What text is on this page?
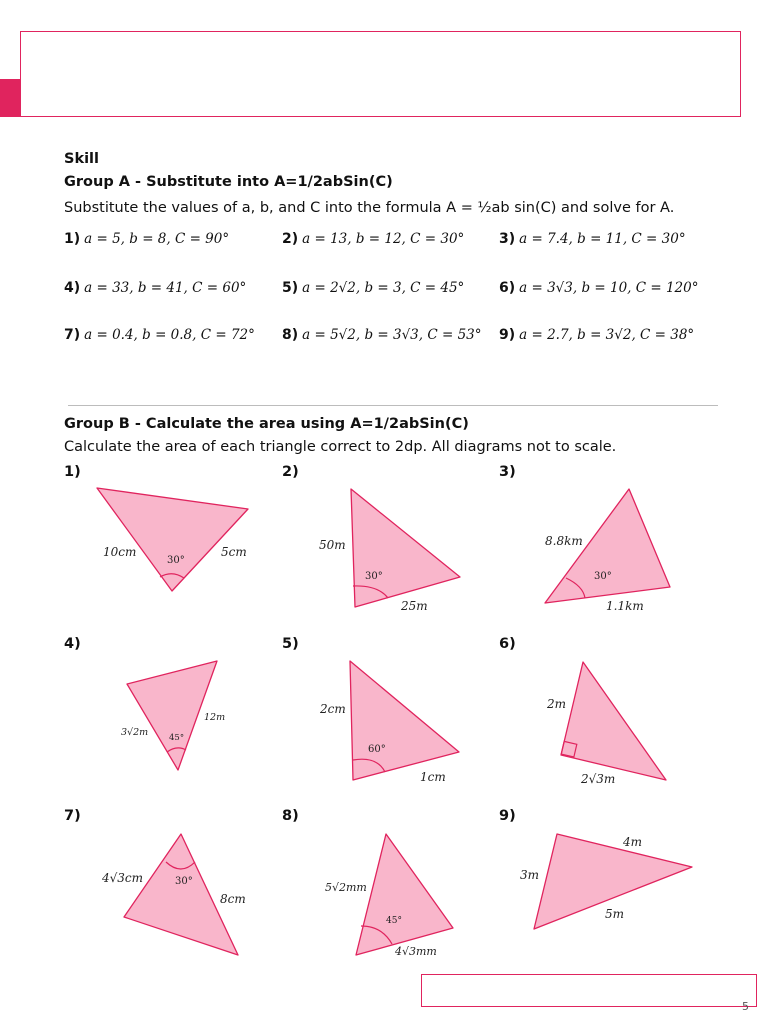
Skill
Group A - Substitute into A=1/2abSin(C)
Substitute the values of a, b, and C into the formula A = ½ab sin(C) and solve for A.
1) a = 5, b = 8, C = 90°	2) a = 13, b = 12, C = 30° 3) a = 7.4, b = 11, C = 30°
4) a = 33, b = 41, C = 60°	5) a = 2√2, b = 3, C = 45° 6) a = 3√3, b = 10, C = 120°
7) a = 0.4, b = 0.8, C = 72° 8) a = 5√2, b = 3√3, C = 53° 9) a = 2.7, b = 3√2, C = 38°
Group B - Calculate the area using A=1/2abSin(C)
Calculate the area of each triangle correct to 2dp. All diagrams not to scale.
1)	2)	3)
4)	5)	6)
7)	8)	9)
10cm	5cm
30°
50m
25m
30°
8.8km
1.1km
30°
3√2m
12m
45°
2cm
1cm
60°
2m
2√3m
4√3cm
8cm
30°	5√2mm
4√3mm
45°
3m
4m
5m
5
